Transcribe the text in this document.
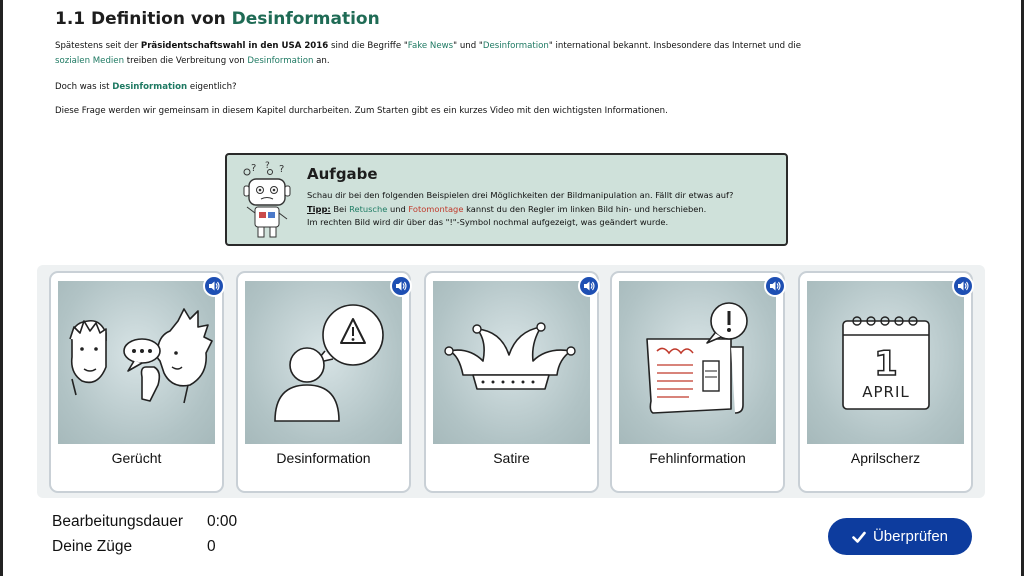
1.1 Definition von Desinformation
Spätestens seit der Präsidentschaftswahl in den USA 2016 sind die Begriffe "Fake News" und "Desinformation" international bekannt. Insbesondere das Internet und die
sozialen Medien treiben die Verbreitung von Desinformation an.
Doch was ist Desinformation eigentlich?
Diese Frage werden wir gemeinsam in diesem Kapitel durcharbeiten. Zum Starten gibt es ein kurzes Video mit den wichtigsten Informationen.
? ? ? Aufgabe
Schau dir bei den folgenden Beispielen drei Möglichkeiten der Bildmanipulation an. Fällt dir etwas auf?
Tipp: Bei Retusche und Fotomontage kannst du den Regler im linken Bild hin- und herschieben.
Im rechten Bild wird dir über das "!"-Symbol nochmal aufgezeigt, was geändert wurde.
Gerücht	Desinformation	Satire	Fehlinformation
1
APRIL
Aprilscherz
Bearbeitungsdauer 0:00
Deine Züge	0
Überprüfen
